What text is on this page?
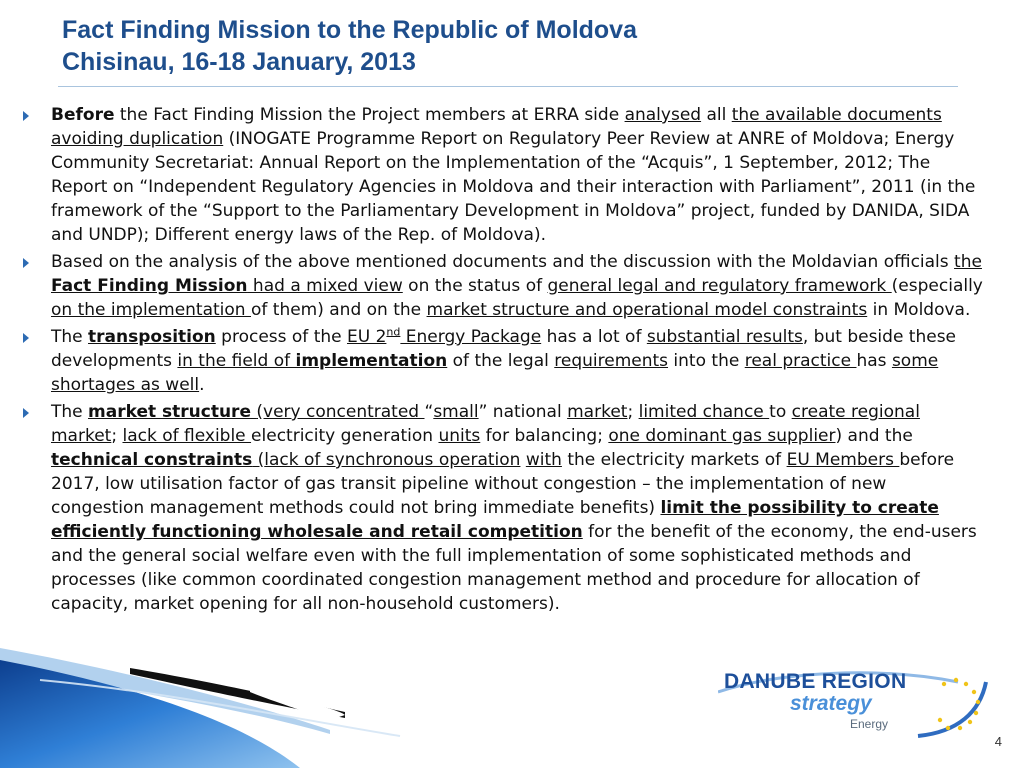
Fact Finding Mission to the Republic of Moldova
Chisinau, 16-18 January, 2013
Before the Fact Finding Mission the Project members at ERRA side analysed all the available documents avoiding duplication (INOGATE Programme Report on Regulatory Peer Review at ANRE of Moldova; Energy Community Secretariat: Annual Report on the Implementation of the “Acquis”, 1 September, 2012; The Report on “Independent Regulatory Agencies in Moldova and their interaction with Parliament”, 2011 (in the framework of the “Support to the Parliamentary Development in Moldova” project, funded by DANIDA, SIDA and UNDP); Different energy laws of the Rep. of Moldova).
Based on the analysis of the above mentioned documents and the discussion with the Moldavian officials the Fact Finding Mission had a mixed view on the status of general legal and regulatory framework (especially on the implementation of them) and on the market structure and operational model constraints in Moldova.
The transposition process of the EU 2nd Energy Package has a lot of substantial results, but beside these developments in the field of implementation of the legal requirements into the real practice has some shortages as well.
The market structure (very concentrated “small” national market; limited chance to create regional market; lack of flexible electricity generation units for balancing; one dominant gas supplier) and the technical constraints (lack of synchronous operation with the electricity markets of EU Members before 2017, low utilisation factor of gas transit pipeline without congestion – the implementation of new congestion management methods could not bring immediate benefits) limit the possibility to create efficiently functioning wholesale and retail competition for the benefit of the economy, the end-users and the general social welfare even with the full implementation of some sophisticated methods and processes (like common coordinated congestion management method and procedure for allocation of capacity, market opening for all non-household customers).
DANUBE REGION
strategy
Energy
4
